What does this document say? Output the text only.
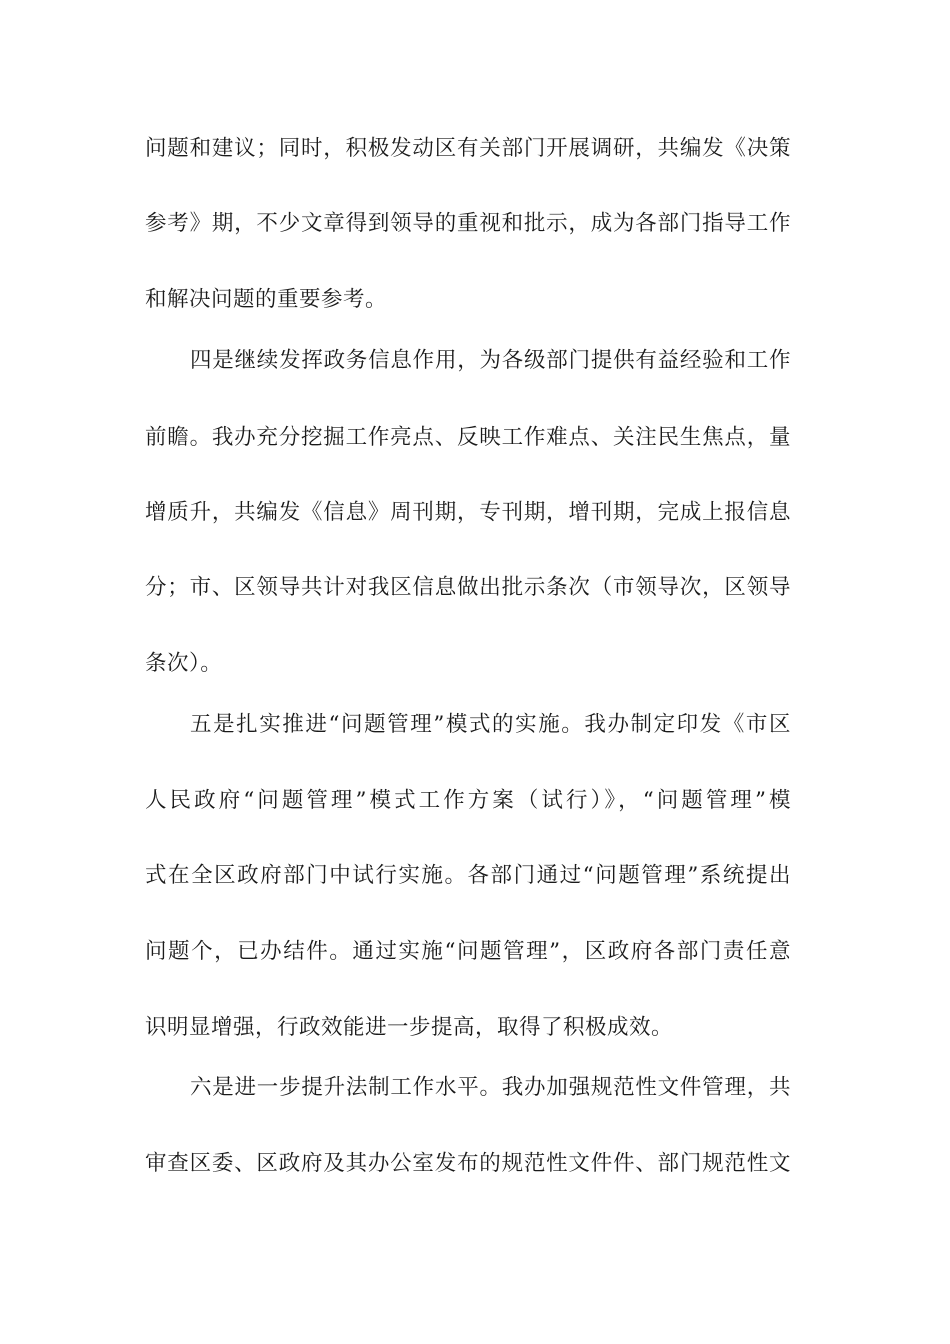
问题和建议；同时，积极发动区有关部门开展调研，共编发《决策
参考》期，不少文章得到领导的重视和批示，成为各部门指导工作
和解决问题的重要参考。
四是继续发挥政务信息作用，为各级部门提供有益经验和工作
前瞻。我办充分挖掘工作亮点、反映工作难点、关注民生焦点，量
增质升，共编发《信息》周刊期，专刊期，增刊期，完成上报信息
分；市、区领导共计对我区信息做出批示条次（市领导次，区领导
条次）。
五是扎实推进“问题管理”模式的实施。我办制定印发《市区
人民政府“问题管理”模式工作方案（试行）》，“问题管理”模
式在全区政府部门中试行实施。各部门通过“问题管理”系统提出
问题个，已办结件。通过实施“问题管理”，区政府各部门责任意
识明显增强，行政效能进一步提高，取得了积极成效。
六是进一步提升法制工作水平。我办加强规范性文件管理，共
审查区委、区政府及其办公室发布的规范性文件件、部门规范性文
